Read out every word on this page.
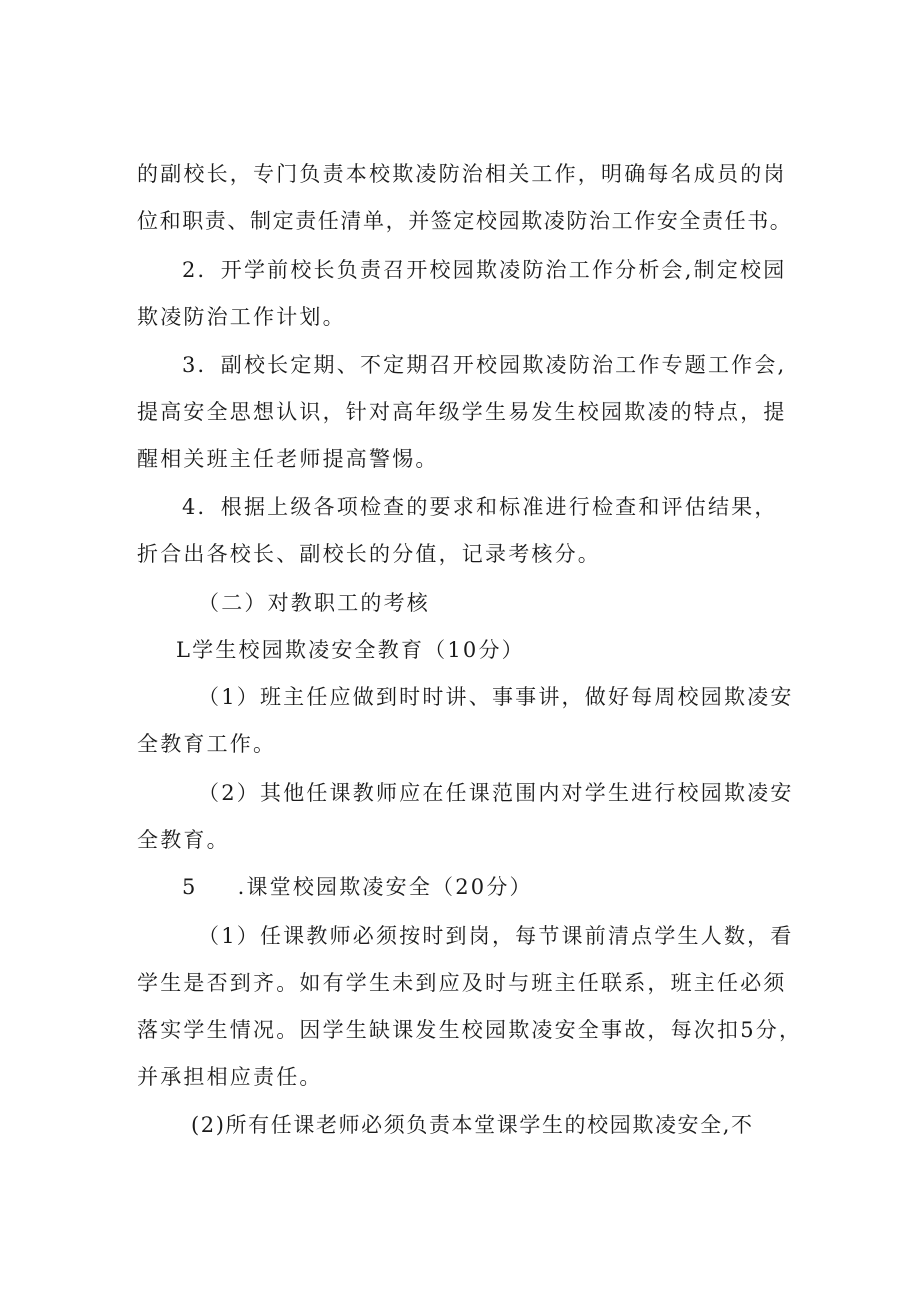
的副校长，专门负责本校欺凌防治相关工作，明确每名成员的岗
位和职责、制定责任清单，并签定校园欺凌防治工作安全责任书。
2．开学前校长负责召开校园欺凌防治工作分析会,制定校园
欺凌防治工作计划。
3．副校长定期、不定期召开校园欺凌防治工作专题工作会,
提高安全思想认识，针对高年级学生易发生校园欺凌的特点，提
醒相关班主任老师提高警惕。
4．根据上级各项检查的要求和标准进行检查和评估结果，
折合出各校长、副校长的分值，记录考核分。
（二）对教职工的考核
L学生校园欺凌安全教育（10分）
（1）班主任应做到时时讲、事事讲，做好每周校园欺凌安
全教育工作。
（2）其他任课教师应在任课范围内对学生进行校园欺凌安
全教育。
5 .课堂校园欺凌安全（20分）
（1）任课教师必须按时到岗，每节课前清点学生人数，看
学生是否到齐。如有学生未到应及时与班主任联系，班主任必须
落实学生情况。因学生缺课发生校园欺凌安全事故，每次扣5分，
并承担相应责任。
(2)所有任课老师必须负责本堂课学生的校园欺凌安全,不
